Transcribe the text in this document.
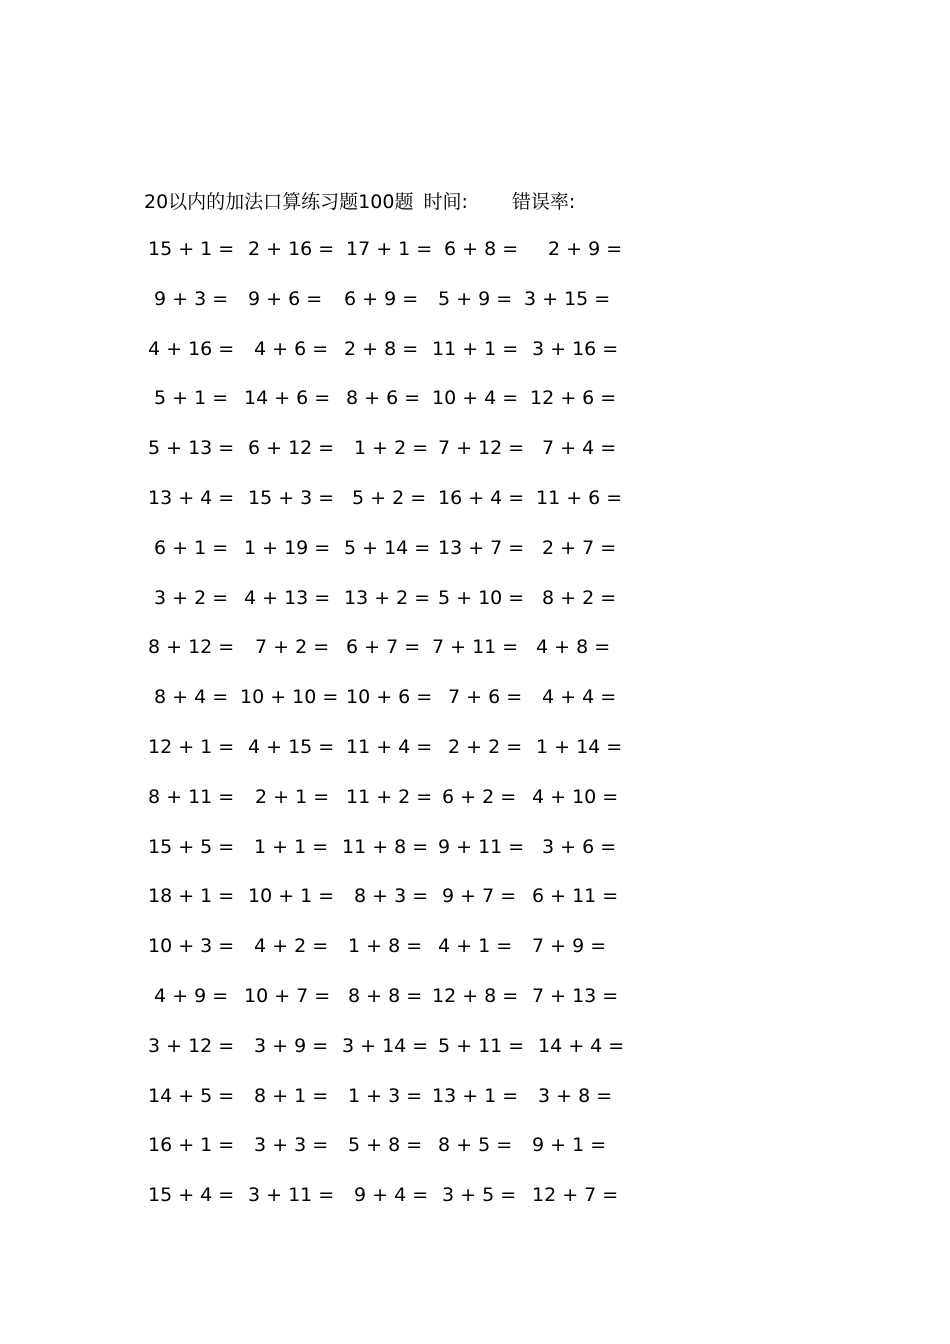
20以内的加法口算练习题100题 时间: 错误率:
15 + 1 = 2 + 16 = 17 + 1 = 6 + 8 = 2 + 9 =
9 + 3 = 9 + 6 = 6 + 9 = 5 + 9 = 3 + 15 =
4 + 16 = 4 + 6 = 2 + 8 = 11 + 1 = 3 + 16 =
5 + 1 = 14 + 6 = 8 + 6 = 10 + 4 = 12 + 6 =
5 + 13 = 6 + 12 = 1 + 2 = 7 + 12 = 7 + 4 =
13 + 4 = 15 + 3 = 5 + 2 = 16 + 4 = 11 + 6 =
6 + 1 = 1 + 19 = 5 + 14 = 13 + 7 = 2 + 7 =
3 + 2 = 4 + 13 = 13 + 2 = 5 + 10 = 8 + 2 =
8 + 12 = 7 + 2 = 6 + 7 = 7 + 11 = 4 + 8 =
8 + 4 = 10 + 10 = 10 + 6 = 7 + 6 = 4 + 4 =
12 + 1 = 4 + 15 = 11 + 4 = 2 + 2 = 1 + 14 =
8 + 11 = 2 + 1 = 11 + 2 = 6 + 2 = 4 + 10 =
15 + 5 = 1 + 1 = 11 + 8 = 9 + 11 = 3 + 6 =
18 + 1 = 10 + 1 = 8 + 3 = 9 + 7 = 6 + 11 =
10 + 3 = 4 + 2 = 1 + 8 = 4 + 1 = 7 + 9 =
4 + 9 = 10 + 7 = 8 + 8 = 12 + 8 = 7 + 13 =
3 + 12 = 3 + 9 = 3 + 14 = 5 + 11 = 14 + 4 =
14 + 5 = 8 + 1 = 1 + 3 = 13 + 1 = 3 + 8 =
16 + 1 = 3 + 3 = 5 + 8 = 8 + 5 = 9 + 1 =
15 + 4 = 3 + 11 = 9 + 4 = 3 + 5 = 12 + 7 =
